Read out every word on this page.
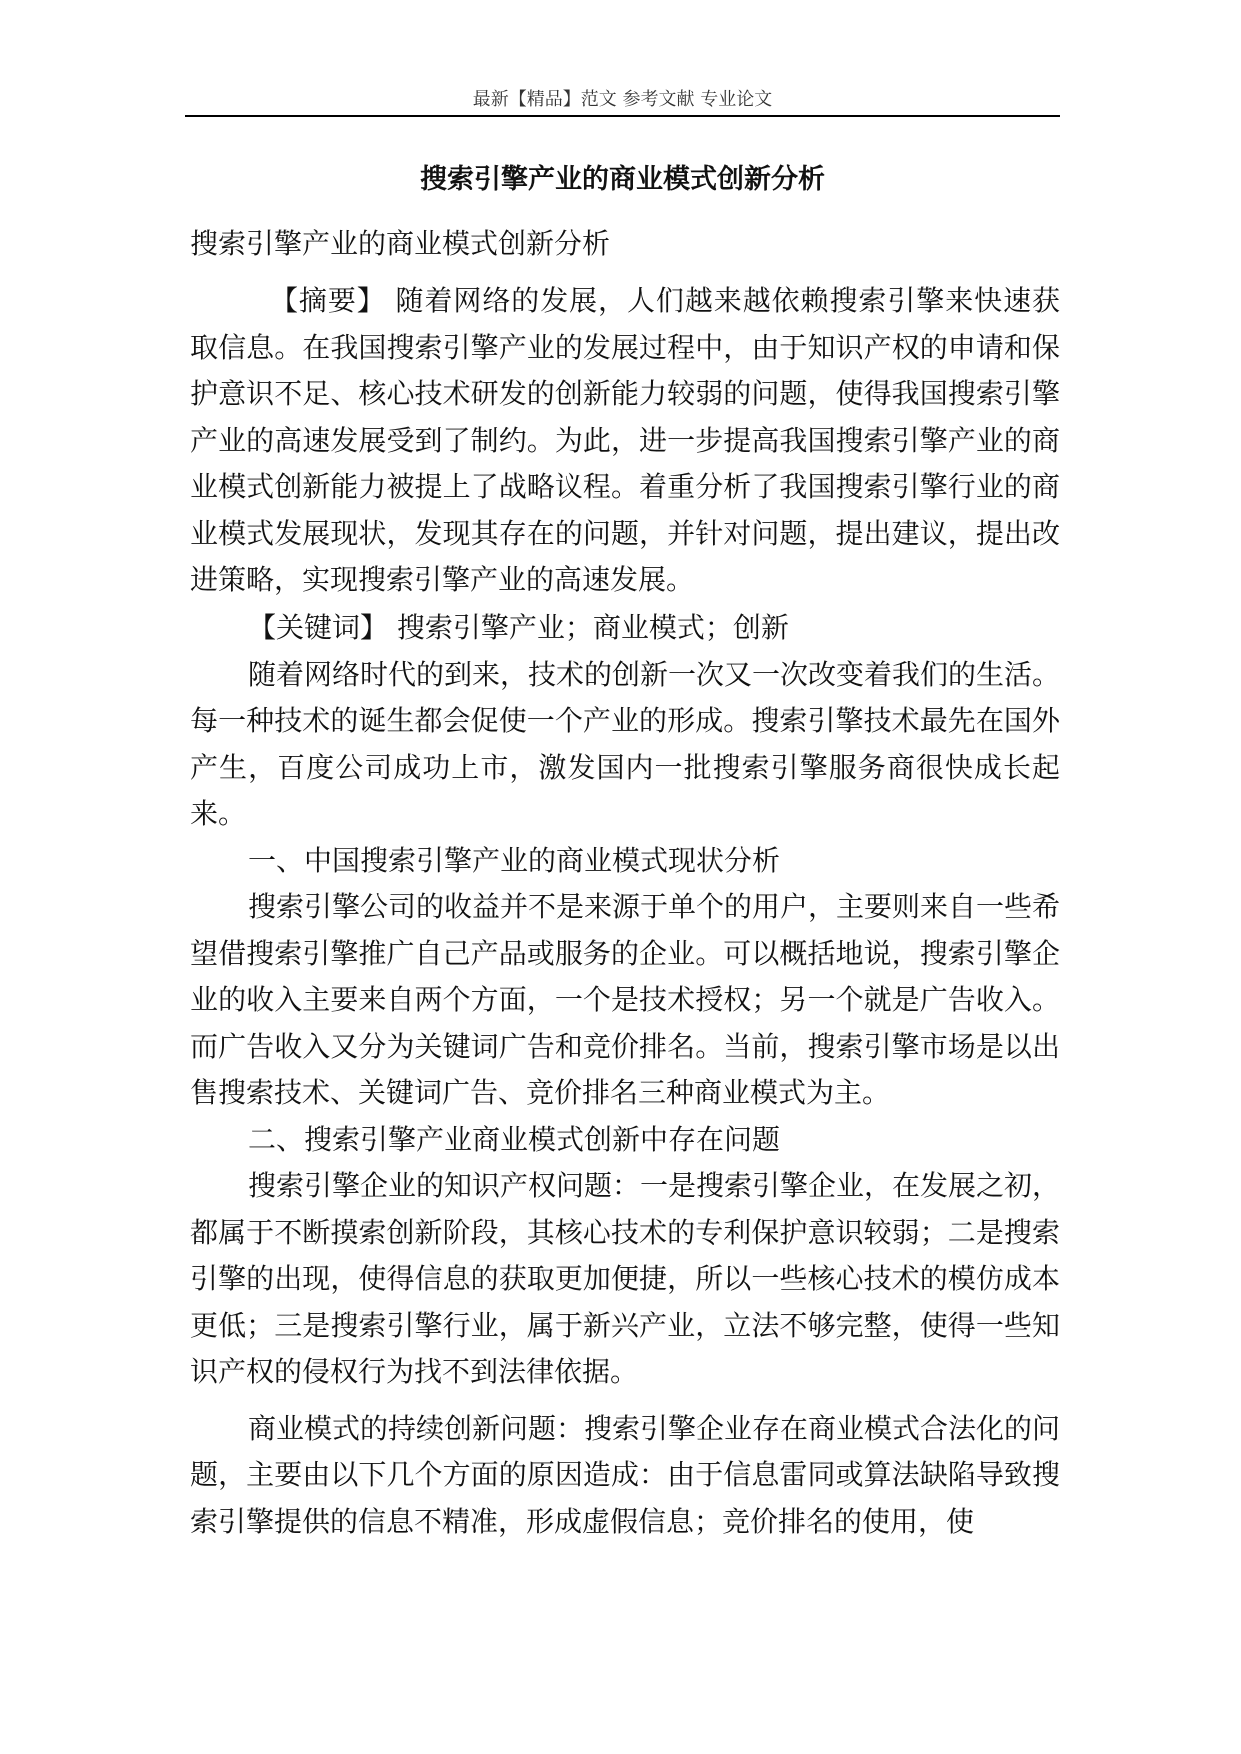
最新【精品】范文 参考文献 专业论文
搜索引擎产业的商业模式创新分析
搜索引擎产业的商业模式创新分析

【摘要】 随着网络的发展，人们越来越依赖搜索引擎来快速获取信息。在我国搜索引擎产业的发展过程中，由于知识产权的申请和保护意识不足、核心技术研发的创新能力较弱的问题，使得我国搜索引擎产业的高速发展受到了制约。为此，进一步提高我国搜索引擎产业的商业模式创新能力被提上了战略议程。着重分析了我国搜索引擎行业的商业模式发展现状，发现其存在的问题，并针对问题，提出建议，提出改进策略，实现搜索引擎产业的高速发展。

【关键词】 搜索引擎产业；商业模式；创新

随着网络时代的到来，技术的创新一次又一次改变着我们的生活。每一种技术的诞生都会促使一个产业的形成。搜索引擎技术最先在国外产生，百度公司成功上市，激发国内一批搜索引擎服务商很快成长起来。

一、中国搜索引擎产业的商业模式现状分析

搜索引擎公司的收益并不是来源于单个的用户，主要则来自一些希望借搜索引擎推广自己产品或服务的企业。可以概括地说，搜索引擎企业的收入主要来自两个方面，一个是技术授权；另一个就是广告收入。而广告收入又分为关键词广告和竞价排名。当前，搜索引擎市场是以出售搜索技术、关键词广告、竞价排名三种商业模式为主。

二、搜索引擎产业商业模式创新中存在问题

搜索引擎企业的知识产权问题：一是搜索引擎企业，在发展之初，都属于不断摸索创新阶段，其核心技术的专利保护意识较弱；二是搜索引擎的出现，使得信息的获取更加便捷，所以一些核心技术的模仿成本更低；三是搜索引擎行业，属于新兴产业，立法不够完整，使得一些知识产权的侵权行为找不到法律依据。

商业模式的持续创新问题：搜索引擎企业存在商业模式合法化的问题，主要由以下几个方面的原因造成：由于信息雷同或算法缺陷导致搜索引擎提供的信息不精准，形成虚假信息；竞价排名的使用，使
